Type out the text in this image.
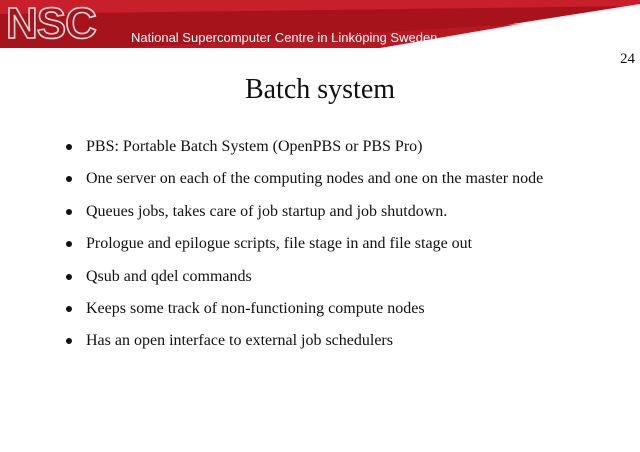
NSC	National Supercomputer Centre in Linköping Sweden
24
Batch system
PBS: Portable Batch System (OpenPBS or PBS Pro)
One server on each of the computing nodes and one on the master node
Queues jobs, takes care of job startup and job shutdown.
Prologue and epilogue scripts, file stage in and file stage out
Qsub and qdel commands
Keeps some track of non-functioning compute nodes
Has an open interface to external job schedulers
